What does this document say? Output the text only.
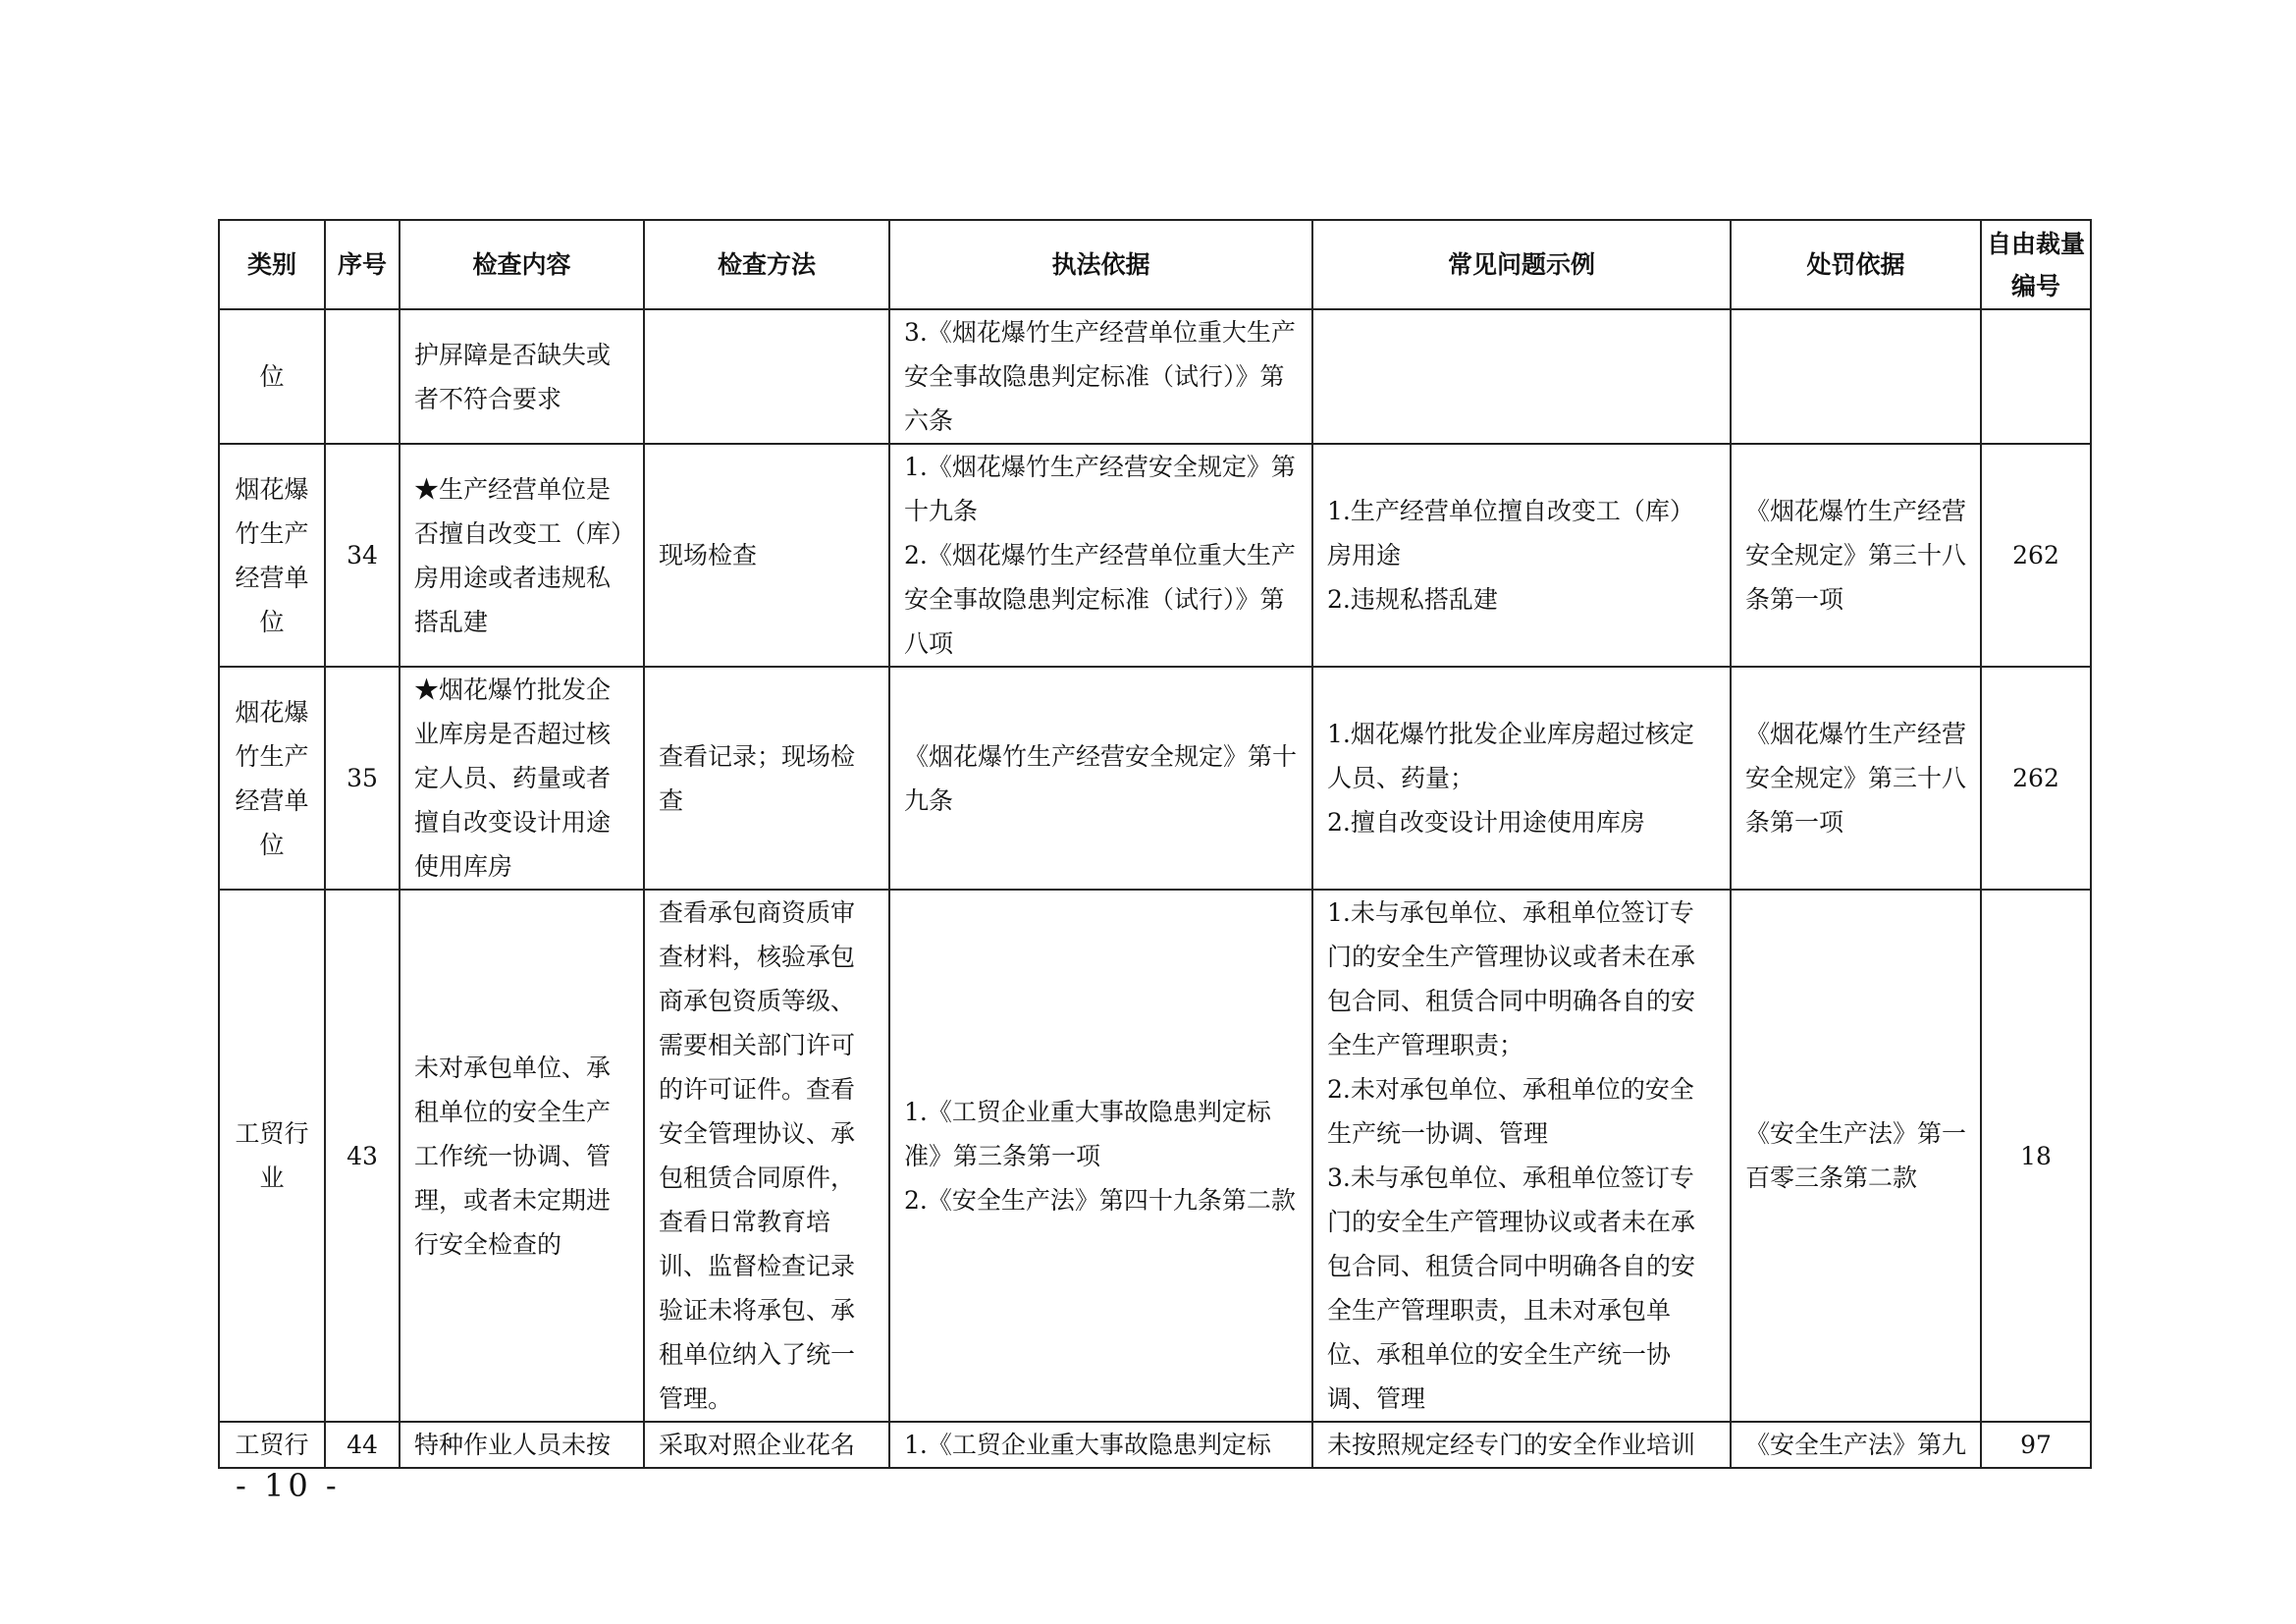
类别	序号	检查内容	检查方法	执法依据	常见问题示例	处罚依据	自由裁量编号
位		护屏障是否缺失或者不符合要求		3.《烟花爆竹生产经营单位重大生产安全事故隐患判定标准（试行）》第六条			

烟花爆竹生产经营单位	34	★生产经营单位是否擅自改变工（库）房用途或者违规私搭乱建	现场检查	1.《烟花爆竹生产经营安全规定》第十九条
2.《烟花爆竹生产经营单位重大生产安全事故隐患判定标准（试行）》第八项	1.生产经营单位擅自改变工（库）房用途
2.违规私搭乱建	《烟花爆竹生产经营安全规定》第三十八条第一项	262
烟花爆竹生产经营单位	35	★烟花爆竹批发企业库房是否超过核定人员、药量或者擅自改变设计用途使用库房	查看记录；现场检查	《烟花爆竹生产经营安全规定》第十九条	1.烟花爆竹批发企业库房超过核定人员、药量；
2.擅自改变设计用途使用库房	《烟花爆竹生产经营安全规定》第三十八条第一项	262
工贸行业	43	未对承包单位、承租单位的安全生产工作统一协调、管理，或者未定期进行安全检查的	查看承包商资质审查材料，核验承包商承包资质等级、需要相关部门许可的许可证件。查看安全管理协议、承包租赁合同原件，查看日常教育培训、监督检查记录验证未将承包、承租单位纳入了统一管理。	1.《工贸企业重大事故隐患判定标准》第三条第一项
2.《安全生产法》第四十九条第二款	1.未与承包单位、承租单位签订专门的安全生产管理协议或者未在承包合同、租赁合同中明确各自的安全生产管理职责；
2.未对承包单位、承租单位的安全生产统一协调、管理
3.未与承包单位、承租单位签订专门的安全生产管理协议或者未在承包合同、租赁合同中明确各自的安全生产管理职责，且未对承包单位、承租单位的安全生产统一协调、管理	《安全生产法》第一百零三条第二款	18
工贸行	44	特种作业人员未按	采取对照企业花名	1.《工贸企业重大事故隐患判定标	未按照规定经专门的安全作业培训	《安全生产法》第九	97
- 10 -
